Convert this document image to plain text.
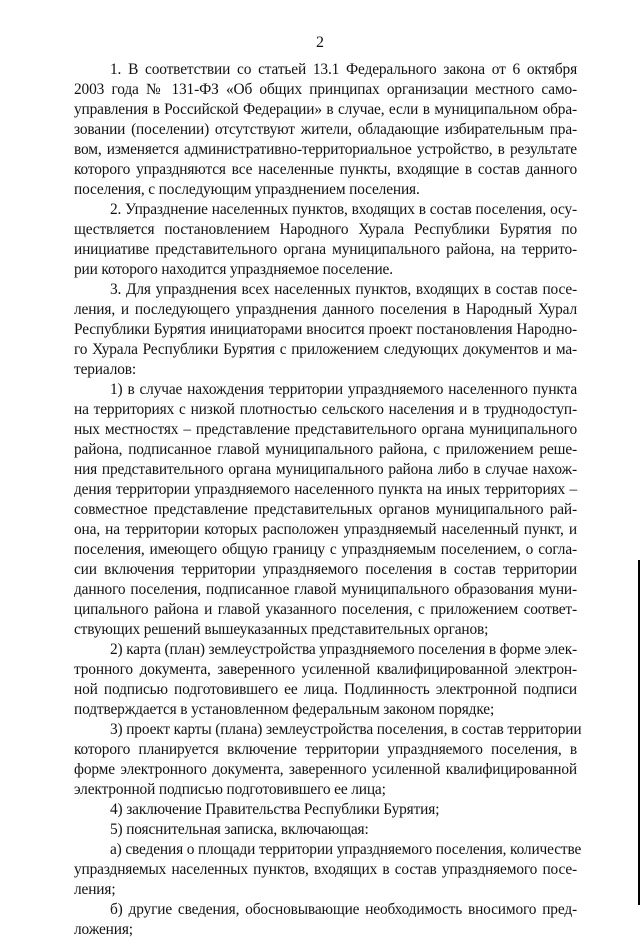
2
1. В соответствии со статьей 13.1 Федерального закона от 6 октября
2003 года № 131-ФЗ «Об общих принципах организации местного само-
управления в Российской Федерации» в случае, если в муниципальном обра-
зовании (поселении) отсутствуют жители, обладающие избирательным пра-
вом, изменяется административно-территориальное устройство, в результате
которого упраздняются все населенные пункты, входящие в состав данного
поселения, с последующим упразднением поселения.
2. Упразднение населенных пунктов, входящих в состав поселения, осу-
ществляется постановлением Народного Хурала Республики Бурятия по
инициативе представительного органа муниципального района, на террито-
рии которого находится упраздняемое поселение.
3. Для упразднения всех населенных пунктов, входящих в состав посе-
ления, и последующего упразднения данного поселения в Народный Хурал
Республики Бурятия инициаторами вносится проект постановления Народно-
го Хурала Республики Бурятия с приложением следующих документов и ма-
териалов:
1) в случае нахождения территории упраздняемого населенного пункта
на территориях с низкой плотностью сельского населения и в труднодоступ-
ных местностях – представление представительного органа муниципального
района, подписанное главой муниципального района, с приложением реше-
ния представительного органа муниципального района либо в случае нахож-
дения территории упраздняемого населенного пункта на иных территориях –
совместное представление представительных органов муниципального рай-
она, на территории которых расположен упраздняемый населенный пункт, и
поселения, имеющего общую границу с упраздняемым поселением, о согла-
сии включения территории упраздняемого поселения в состав территории
данного поселения, подписанное главой муниципального образования муни-
ципального района и главой указанного поселения, с приложением соответ-
ствующих решений вышеуказанных представительных органов;
2) карта (план) землеустройства упраздняемого поселения в форме элек-
тронного документа, заверенного усиленной квалифицированной электрон-
ной подписью подготовившего ее лица. Подлинность электронной подписи
подтверждается в установленном федеральным законом порядке;
3) проект карты (плана) землеустройства поселения, в состав территории
которого планируется включение территории упраздняемого поселения, в
форме электронного документа, заверенного усиленной квалифицированной
электронной подписью подготовившего ее лица;
4) заключение Правительства Республики Бурятия;
5) пояснительная записка, включающая:
а) сведения о площади территории упраздняемого поселения, количестве
упраздняемых населенных пунктов, входящих в состав упраздняемого посе-
ления;
б) другие сведения, обосновывающие необходимость вносимого пред-
ложения;
